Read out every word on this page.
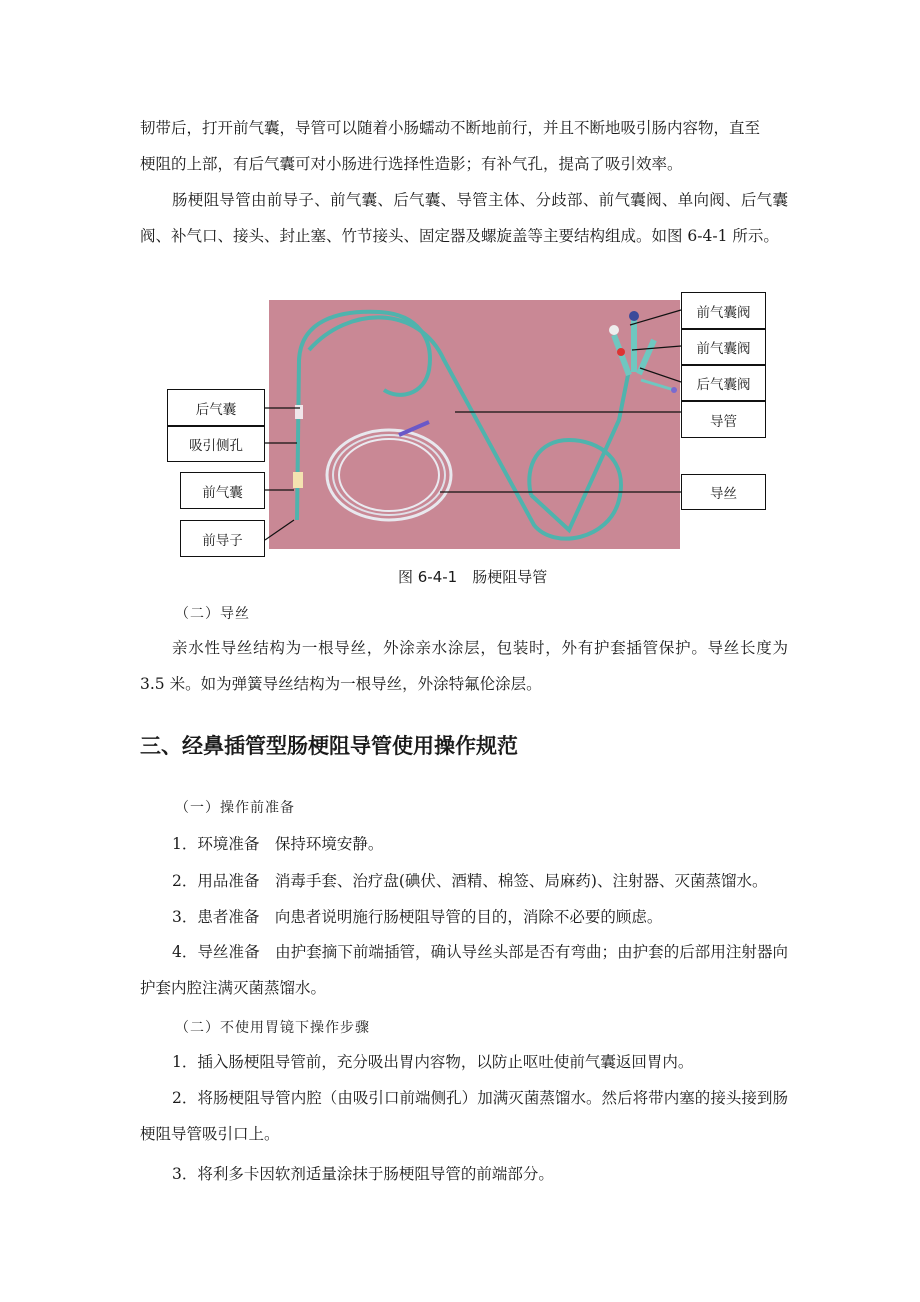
韧带后，打开前气囊，导管可以随着小肠蠕动不断地前行，并且不断地吸引肠内容物，直至
梗阻的上部，有后气囊可对小肠进行选择性造影；有补气孔，提高了吸引效率。
肠梗阻导管由前导子、前气囊、后气囊、导管主体、分歧部、前气囊阀、单向阀、后气囊阀、补气口、接头、封止塞、竹节接头、固定器及螺旋盖等主要结构组成。如图 6-4-1 所示。
后气囊
吸引侧孔
前气囊
前导子
前气囊阀
前气囊阀
后气囊阀
导管
导丝
图 6-4-1　肠梗阻导管
（二）导丝
亲水性导丝结构为一根导丝，外涂亲水涂层，包装时，外有护套插管保护。导丝长度为 3.5 米。如为弹簧导丝结构为一根导丝，外涂特氟伦涂层。
三、经鼻插管型肠梗阻导管使用操作规范
（一）操作前准备
1．环境准备　保持环境安静。
2．用品准备　消毒手套、治疗盘(碘伏、酒精、棉签、局麻药)、注射器、灭菌蒸馏水。
3．患者准备　向患者说明施行肠梗阻导管的目的，消除不必要的顾虑。
4．导丝准备　由护套摘下前端插管，确认导丝头部是否有弯曲；由护套的后部用注射器向护套内腔注满灭菌蒸馏水。
（二）不使用胃镜下操作步骤
1．插入肠梗阻导管前，充分吸出胃内容物，以防止呕吐使前气囊返回胃内。
2．将肠梗阻导管内腔（由吸引口前端侧孔）加满灭菌蒸馏水。然后将带内塞的接头接到肠梗阻导管吸引口上。
3．将利多卡因软剂适量涂抹于肠梗阻导管的前端部分。
